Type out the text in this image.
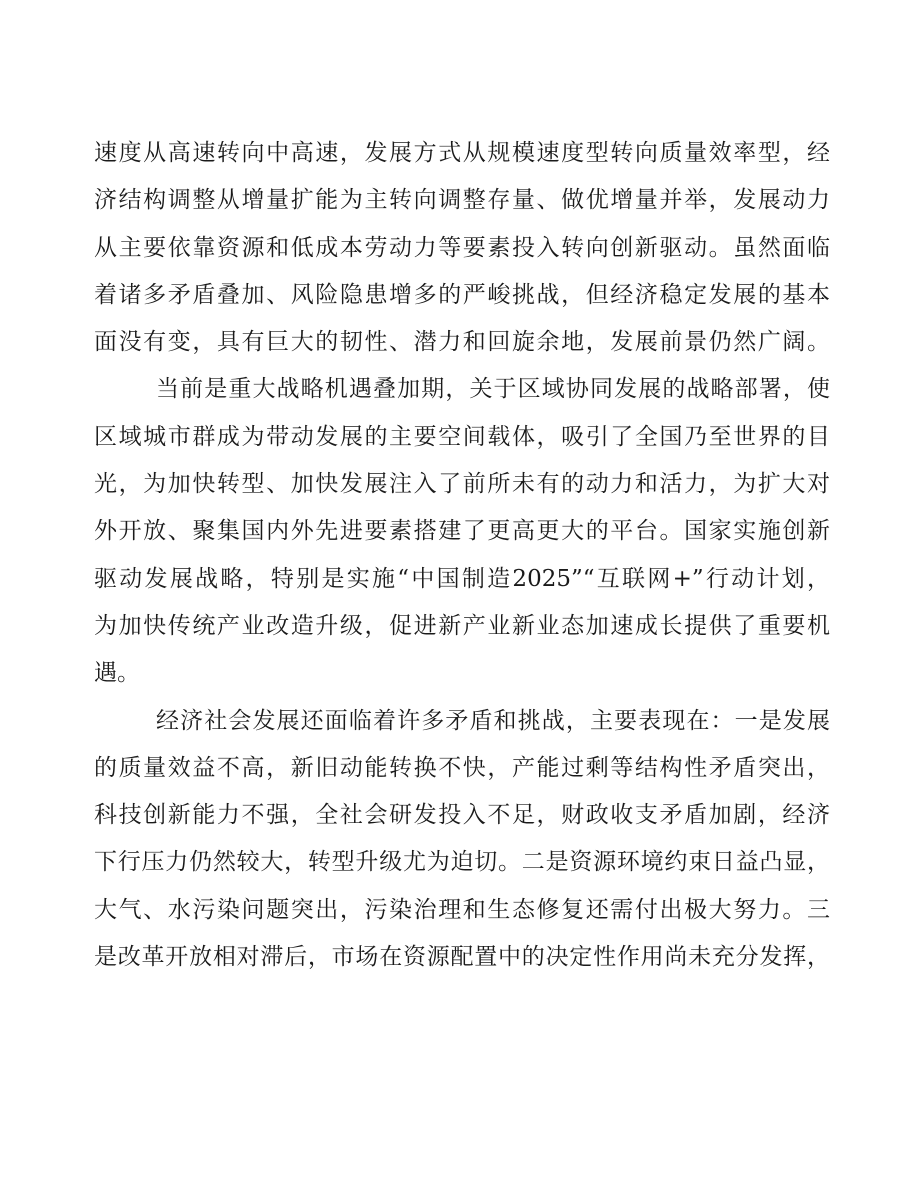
速度从高速转向中高速，发展方式从规模速度型转向质量效率型，经
济结构调整从增量扩能为主转向调整存量、做优增量并举，发展动力
从主要依靠资源和低成本劳动力等要素投入转向创新驱动。虽然面临
着诸多矛盾叠加、风险隐患增多的严峻挑战，但经济稳定发展的基本
面没有变，具有巨大的韧性、潜力和回旋余地，发展前景仍然广阔。
当前是重大战略机遇叠加期，关于区域协同发展的战略部署，使
区域城市群成为带动发展的主要空间载体，吸引了全国乃至世界的目
光，为加快转型、加快发展注入了前所未有的动力和活力，为扩大对
外开放、聚集国内外先进要素搭建了更高更大的平台。国家实施创新
驱动发展战略，特别是实施“中国制造2025”“互联网+”行动计划，
为加快传统产业改造升级，促进新产业新业态加速成长提供了重要机
遇。
经济社会发展还面临着许多矛盾和挑战，主要表现在：一是发展
的质量效益不高，新旧动能转换不快，产能过剩等结构性矛盾突出，
科技创新能力不强，全社会研发投入不足，财政收支矛盾加剧，经济
下行压力仍然较大，转型升级尤为迫切。二是资源环境约束日益凸显，
大气、水污染问题突出，污染治理和生态修复还需付出极大努力。三
是改革开放相对滞后，市场在资源配置中的决定性作用尚未充分发挥，
